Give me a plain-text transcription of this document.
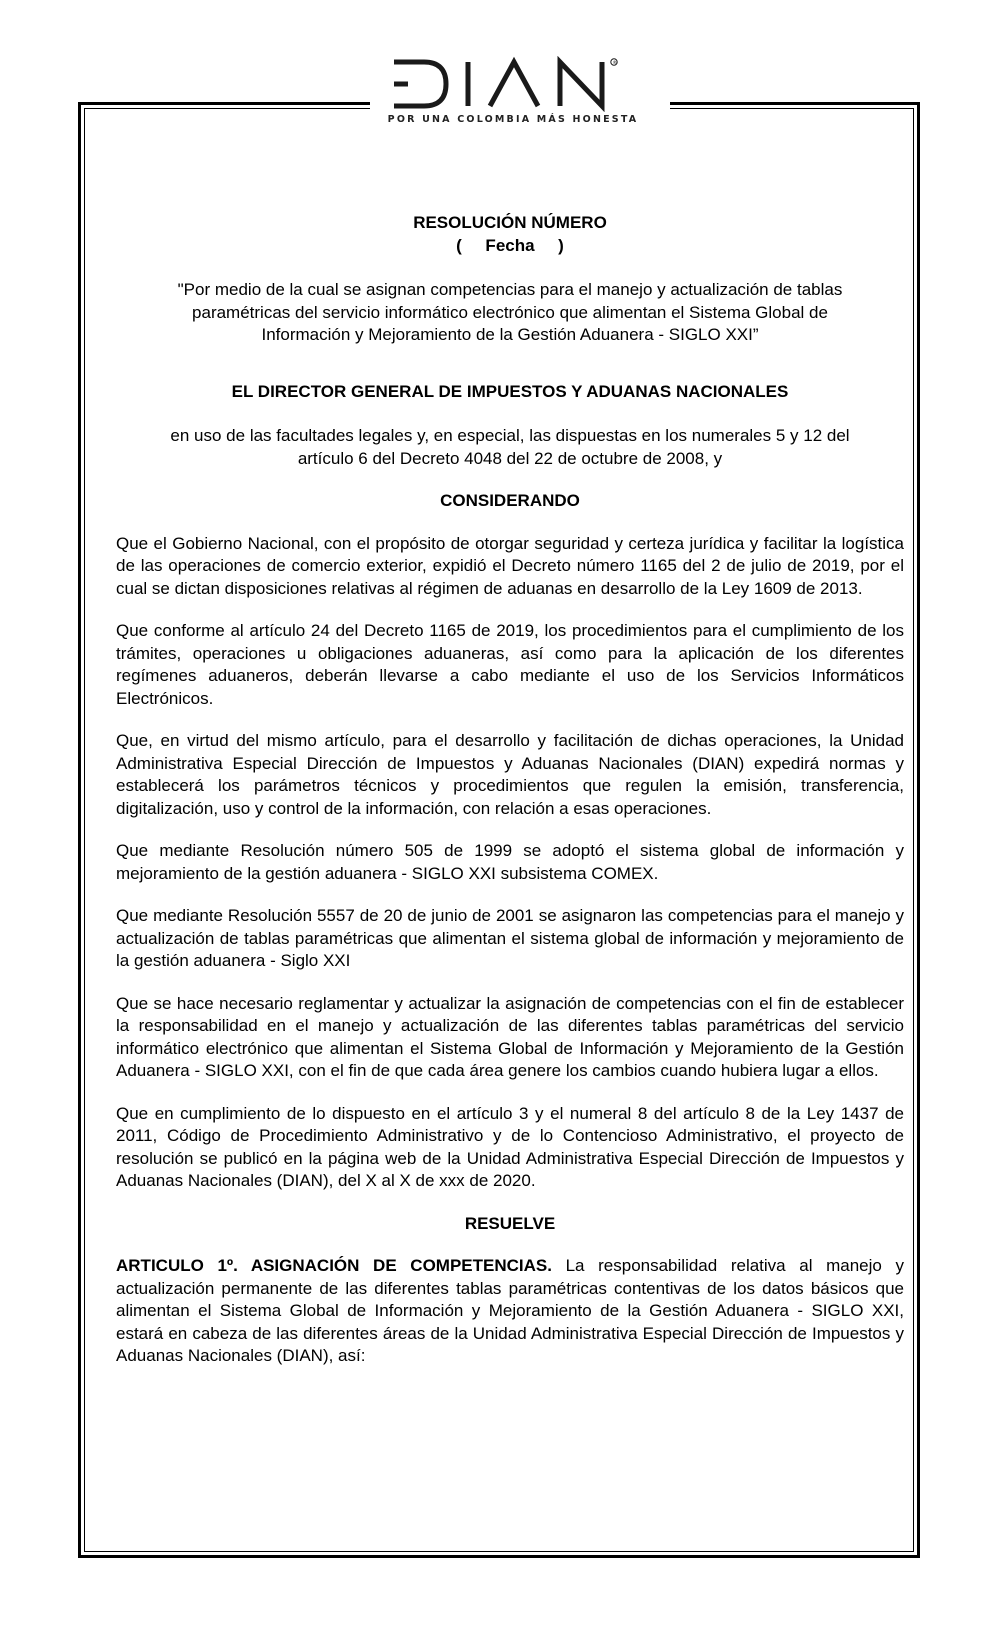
®
POR UNA COLOMBIA MÁS HONESTA

RESOLUCIÓN NÚMERO

(     Fecha     )

"Por medio de la cual se asignan competencias para el manejo y actualización de tablas

paramétricas del servicio informático electrónico que alimentan el Sistema Global de

Información y Mejoramiento de la Gestión Aduanera - SIGLO XXI”

EL DIRECTOR GENERAL DE IMPUESTOS Y ADUANAS NACIONALES

en uso de las facultades legales y, en especial, las dispuestas en los numerales 5 y 12 del

artículo 6 del Decreto 4048 del 22 de octubre de 2008, y

CONSIDERANDO

Que el Gobierno Nacional, con el propósito de otorgar seguridad y certeza jurídica y facilitar la logística de las operaciones de comercio exterior, expidió el Decreto número 1165 del 2 de julio de 2019, por el cual se dictan disposiciones relativas al régimen de aduanas en desarrollo de la Ley 1609 de 2013.

Que conforme al artículo 24 del Decreto 1165 de 2019, los procedimientos para el cumplimiento de los trámites, operaciones u obligaciones aduaneras, así como para la aplicación de los diferentes regímenes aduaneros, deberán llevarse a cabo mediante el uso de los Servicios Informáticos Electrónicos.

Que, en virtud del mismo artículo, para el desarrollo y facilitación de dichas operaciones, la Unidad Administrativa Especial Dirección de Impuestos y Aduanas Nacionales (DIAN) expedirá normas y establecerá los parámetros técnicos y procedimientos que regulen la emisión, transferencia, digitalización, uso y control de la información, con relación a esas operaciones.

Que mediante Resolución número 505 de 1999 se adoptó el sistema global de información y mejoramiento de la gestión aduanera - SIGLO XXI subsistema COMEX.

Que mediante Resolución 5557 de 20 de junio de 2001 se asignaron las competencias para el manejo y actualización de tablas paramétricas que alimentan el sistema global de información y mejoramiento de la gestión aduanera - Siglo XXI

Que se hace necesario reglamentar y actualizar la asignación de competencias con el fin de establecer la responsabilidad en el manejo y actualización de las diferentes tablas paramétricas del servicio informático electrónico que alimentan el Sistema Global de Información y Mejoramiento de la Gestión Aduanera - SIGLO XXI, con el fin de que cada área genere los cambios cuando hubiera lugar a ellos.

Que en cumplimiento de lo dispuesto en el artículo 3 y el numeral 8 del artículo 8 de la Ley 1437 de 2011, Código de Procedimiento Administrativo y de lo Contencioso Administrativo, el proyecto de resolución se publicó en la página web de la Unidad Administrativa Especial Dirección de Impuestos y Aduanas Nacionales (DIAN), del X al X de xxx de 2020.

RESUELVE

ARTICULO 1º. ASIGNACIÓN DE COMPETENCIAS. La responsabilidad relativa al manejo y actualización permanente de las diferentes tablas paramétricas contentivas de los datos básicos que alimentan el Sistema Global de Información y Mejoramiento de la Gestión Aduanera - SIGLO XXI, estará en cabeza de las diferentes áreas de la Unidad Administrativa Especial Dirección de Impuestos y Aduanas Nacionales (DIAN), así:
